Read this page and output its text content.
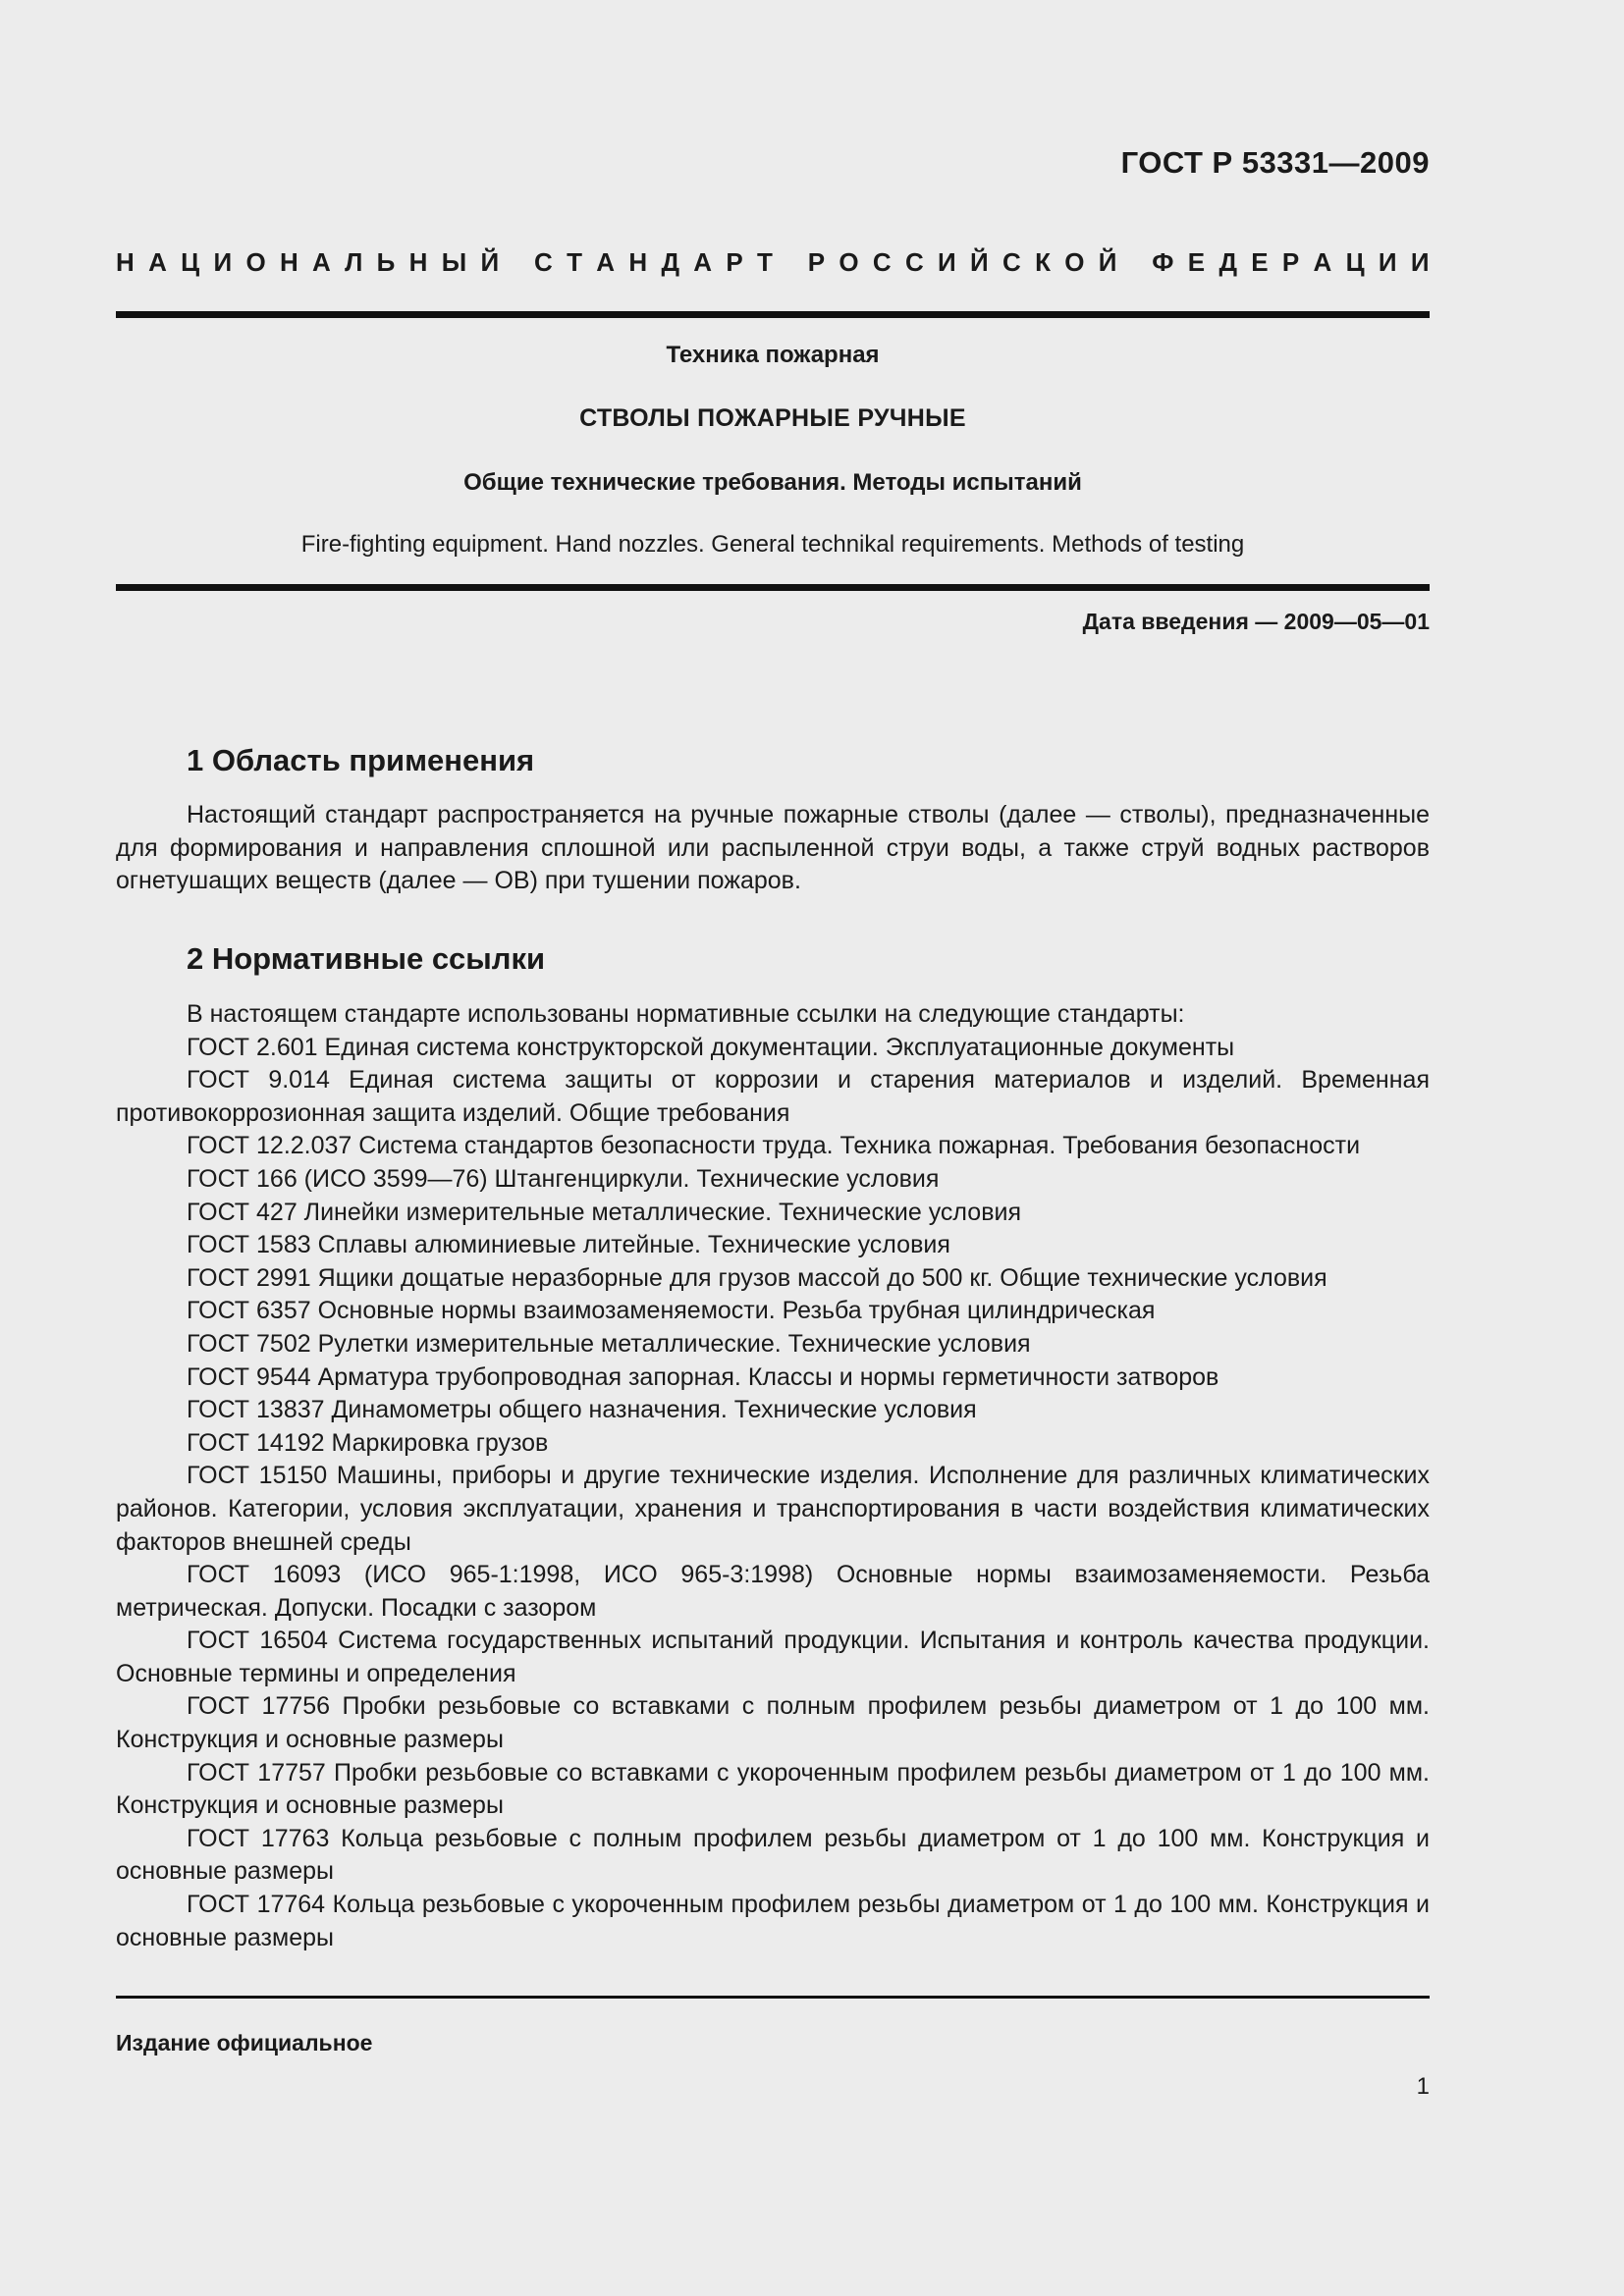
ГОСТ Р 53331—2009
Н А Ц И О Н А Л Ь Н Ы Й
С Т А Н Д А Р Т
Р О С С И Й С К О Й
Ф Е Д Е Р А Ц И И
Техника пожарная
СТВОЛЫ ПОЖАРНЫЕ РУЧНЫЕ
Общие технические требования. Методы испытаний
Fire-fighting equipment. Hand nozzles. General technikal requirements. Methods of testing
Дата введения — 2009—05—01
1 Область применения

Настоящий стандарт распространяется на ручные пожарные стволы (далее — стволы), предназначенные для формирования и направления сплошной или распыленной струи воды, а также струй водных растворов огнетушащих веществ (далее — ОВ) при тушении пожаров.

2 Нормативные ссылки

В настоящем стандарте использованы нормативные ссылки на следующие стандарты:

ГОСТ 2.601 Единая система конструкторской документации. Эксплуатационные документы

ГОСТ 9.014 Единая система защиты от коррозии и старения материалов и изделий. Временная противокоррозионная защита изделий. Общие требования

ГОСТ 12.2.037 Система стандартов безопасности труда. Техника пожарная. Требования безопасности

ГОСТ 166 (ИСО 3599—76) Штангенциркули. Технические условия

ГОСТ 427 Линейки измерительные металлические. Технические условия

ГОСТ 1583 Сплавы алюминиевые литейные. Технические условия

ГОСТ 2991 Ящики дощатые неразборные для грузов массой до 500 кг. Общие технические условия

ГОСТ 6357 Основные нормы взаимозаменяемости. Резьба трубная цилиндрическая

ГОСТ 7502 Рулетки измерительные металлические. Технические условия

ГОСТ 9544 Арматура трубопроводная запорная. Классы и нормы герметичности затворов

ГОСТ 13837 Динамометры общего назначения. Технические условия

ГОСТ 14192 Маркировка грузов

ГОСТ 15150 Машины, приборы и другие технические изделия. Исполнение для различных климатических районов. Категории, условия эксплуатации, хранения и транспортирования в части воздействия климатических факторов внешней среды

ГОСТ 16093 (ИСО 965-1:1998, ИСО 965-3:1998) Основные нормы взаимозаменяемости. Резьба метрическая. Допуски. Посадки с зазором

ГОСТ 16504 Система государственных испытаний продукции. Испытания и контроль качества продукции. Основные термины и определения

ГОСТ 17756 Пробки резьбовые со вставками с полным профилем резьбы диаметром от 1 до 100 мм. Конструкция и основные размеры

ГОСТ 17757 Пробки резьбовые со вставками с укороченным профилем резьбы диаметром от 1 до 100 мм. Конструкция и основные размеры

ГОСТ 17763 Кольца резьбовые с полным профилем резьбы диаметром от 1 до 100 мм. Конструкция и основные размеры

ГОСТ 17764 Кольца резьбовые с укороченным профилем резьбы диаметром от 1 до 100 мм. Конструкция и основные размеры

Издание официальное
1
